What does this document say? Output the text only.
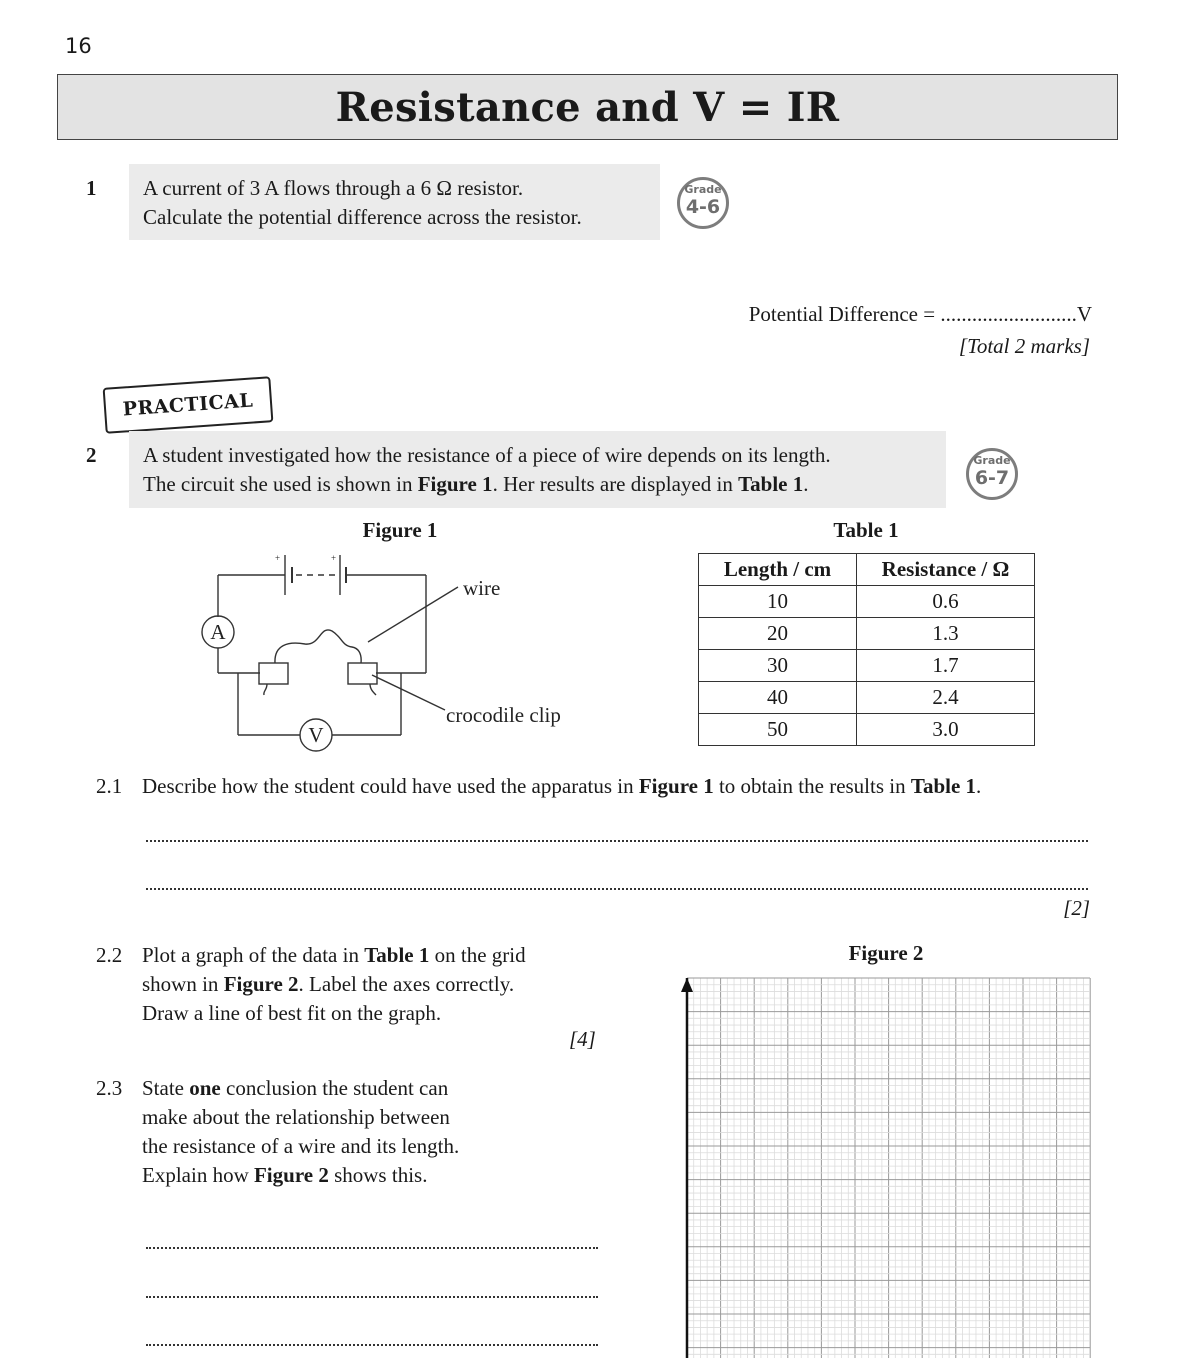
16
Resistance and V = IR
1 A current of 3 A flows through a 6 Ω resistor.
Calculate the potential difference across the resistor.
Grade
4-6
Potential Difference = ..........................V
[Total 2 marks]
PRACTICAL
2 A student investigated how the resistance of a piece of wire depends on its length.
The circuit she used is shown in Figure 1. Her results are displayed in Table 1.
Grade
6-7
Figure 1
A
V
+	+
wire
crocodile clip
Table 1
Length / cm	Resistance / Ω
10	0.6
20	1.3
30	1.7
40	2.4
50	3.0
2.1 Describe how the student could have used the apparatus in Figure 1 to obtain the results in Table 1.
[2]
2.2 Plot a graph of the data in Table 1 on the grid
shown in Figure 2. Label the axes correctly.
Draw a line of best fit on the graph.
[4]
2.3 State one conclusion the student can
make about the relationship between
the resistance of a wire and its length.
Explain how Figure 2 shows this.
Figure 2
